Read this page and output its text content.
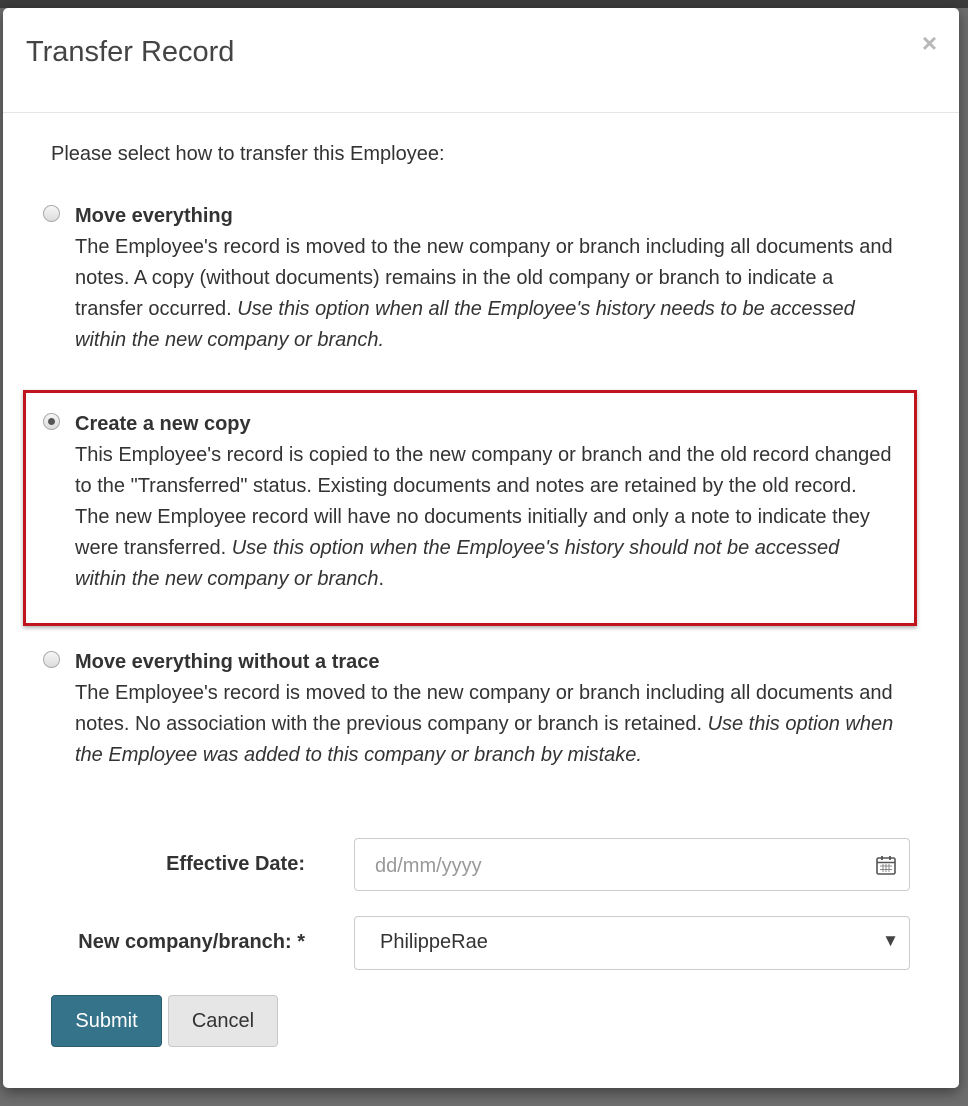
Transfer Record	×
Please select how to transfer this Employee:
Move everything
The Employee's record is moved to the new company or branch including all documents and notes. A copy (without documents) remains in the old company or branch to indicate a transfer occurred. Use this option when all the Employee's history needs to be accessed within the new company or branch.
Create a new copy
This Employee's record is copied to the new company or branch and the old record changed to the "Transferred" status. Existing documents and notes are retained by the old record. The new Employee record will have no documents initially and only a note to indicate they were transferred. Use this option when the Employee's history should not be accessed within the new company or branch.
Move everything without a trace
The Employee's record is moved to the new company or branch including all documents and notes. No association with the previous company or branch is retained. Use this option when the Employee was added to this company or branch by mistake.
Effective Date:
dd/mm/yyyy
New company/branch: *	PhilippeRae	▼
Submit	Cancel
